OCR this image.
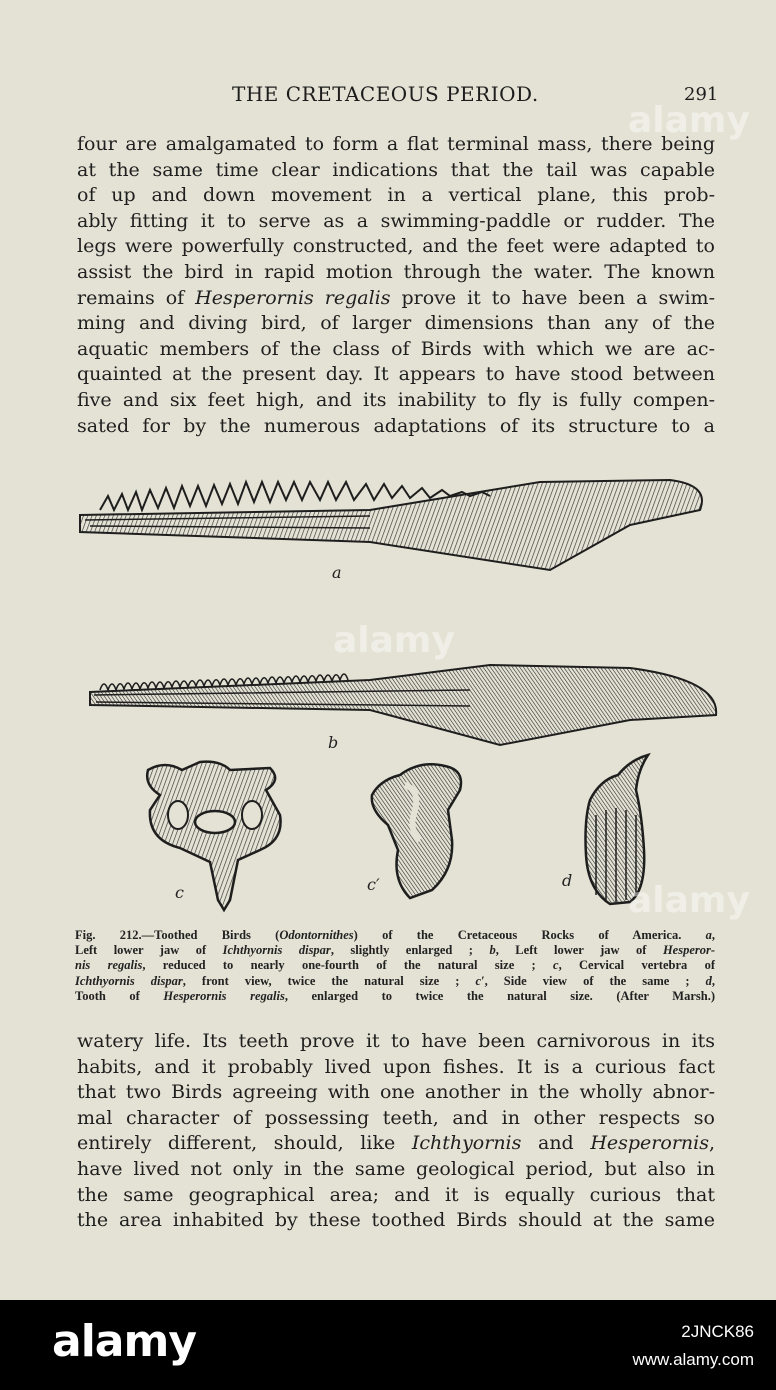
THE CRETACEOUS PERIOD.	291

four are amalgamated to form a flat terminal mass, there being
at the same time clear indications that the tail was capable
of up and down movement in a vertical plane, this prob-
ably fitting it to serve as a swimming-paddle or rudder. The
legs were powerfully constructed, and the feet were adapted to
assist the bird in rapid motion through the water. The known
remains of Hesperornis regalis prove it to have been a swim-
ming and diving bird, of larger dimensions than any of the
aquatic members of the class of Birds with which we are ac-
quainted at the present day. It appears to have stood between
five and six feet high, and its inability to fly is fully compen-
sated for by the numerous adaptations of its structure to a

a
b
c	c′	d

Fig. 212.—Toothed Birds (Odontornithes) of the Cretaceous Rocks of America. a,
Left lower jaw of Ichthyornis dispar, slightly enlarged ; b, Left lower jaw of Hesperor-
nis regalis, reduced to nearly one-fourth of the natural size ; c, Cervical vertebra of
Ichthyornis dispar, front view, twice the natural size ; c′, Side view of the same ; d,
Tooth of Hesperornis regalis, enlarged to twice the natural size. (After Marsh.)

watery life. Its teeth prove it to have been carnivorous in its
habits, and it probably lived upon fishes. It is a curious fact
that two Birds agreeing with one another in the wholly abnor-
mal character of possessing teeth, and in other respects so
entirely different, should, like Ichthyornis and Hesperornis,
have lived not only in the same geological period, but also in
the same geographical area; and it is equally curious that
the area inhabited by these toothed Birds should at the same

alamy
alamy
alamy
alamy	2JNCK86
www.alamy.com
